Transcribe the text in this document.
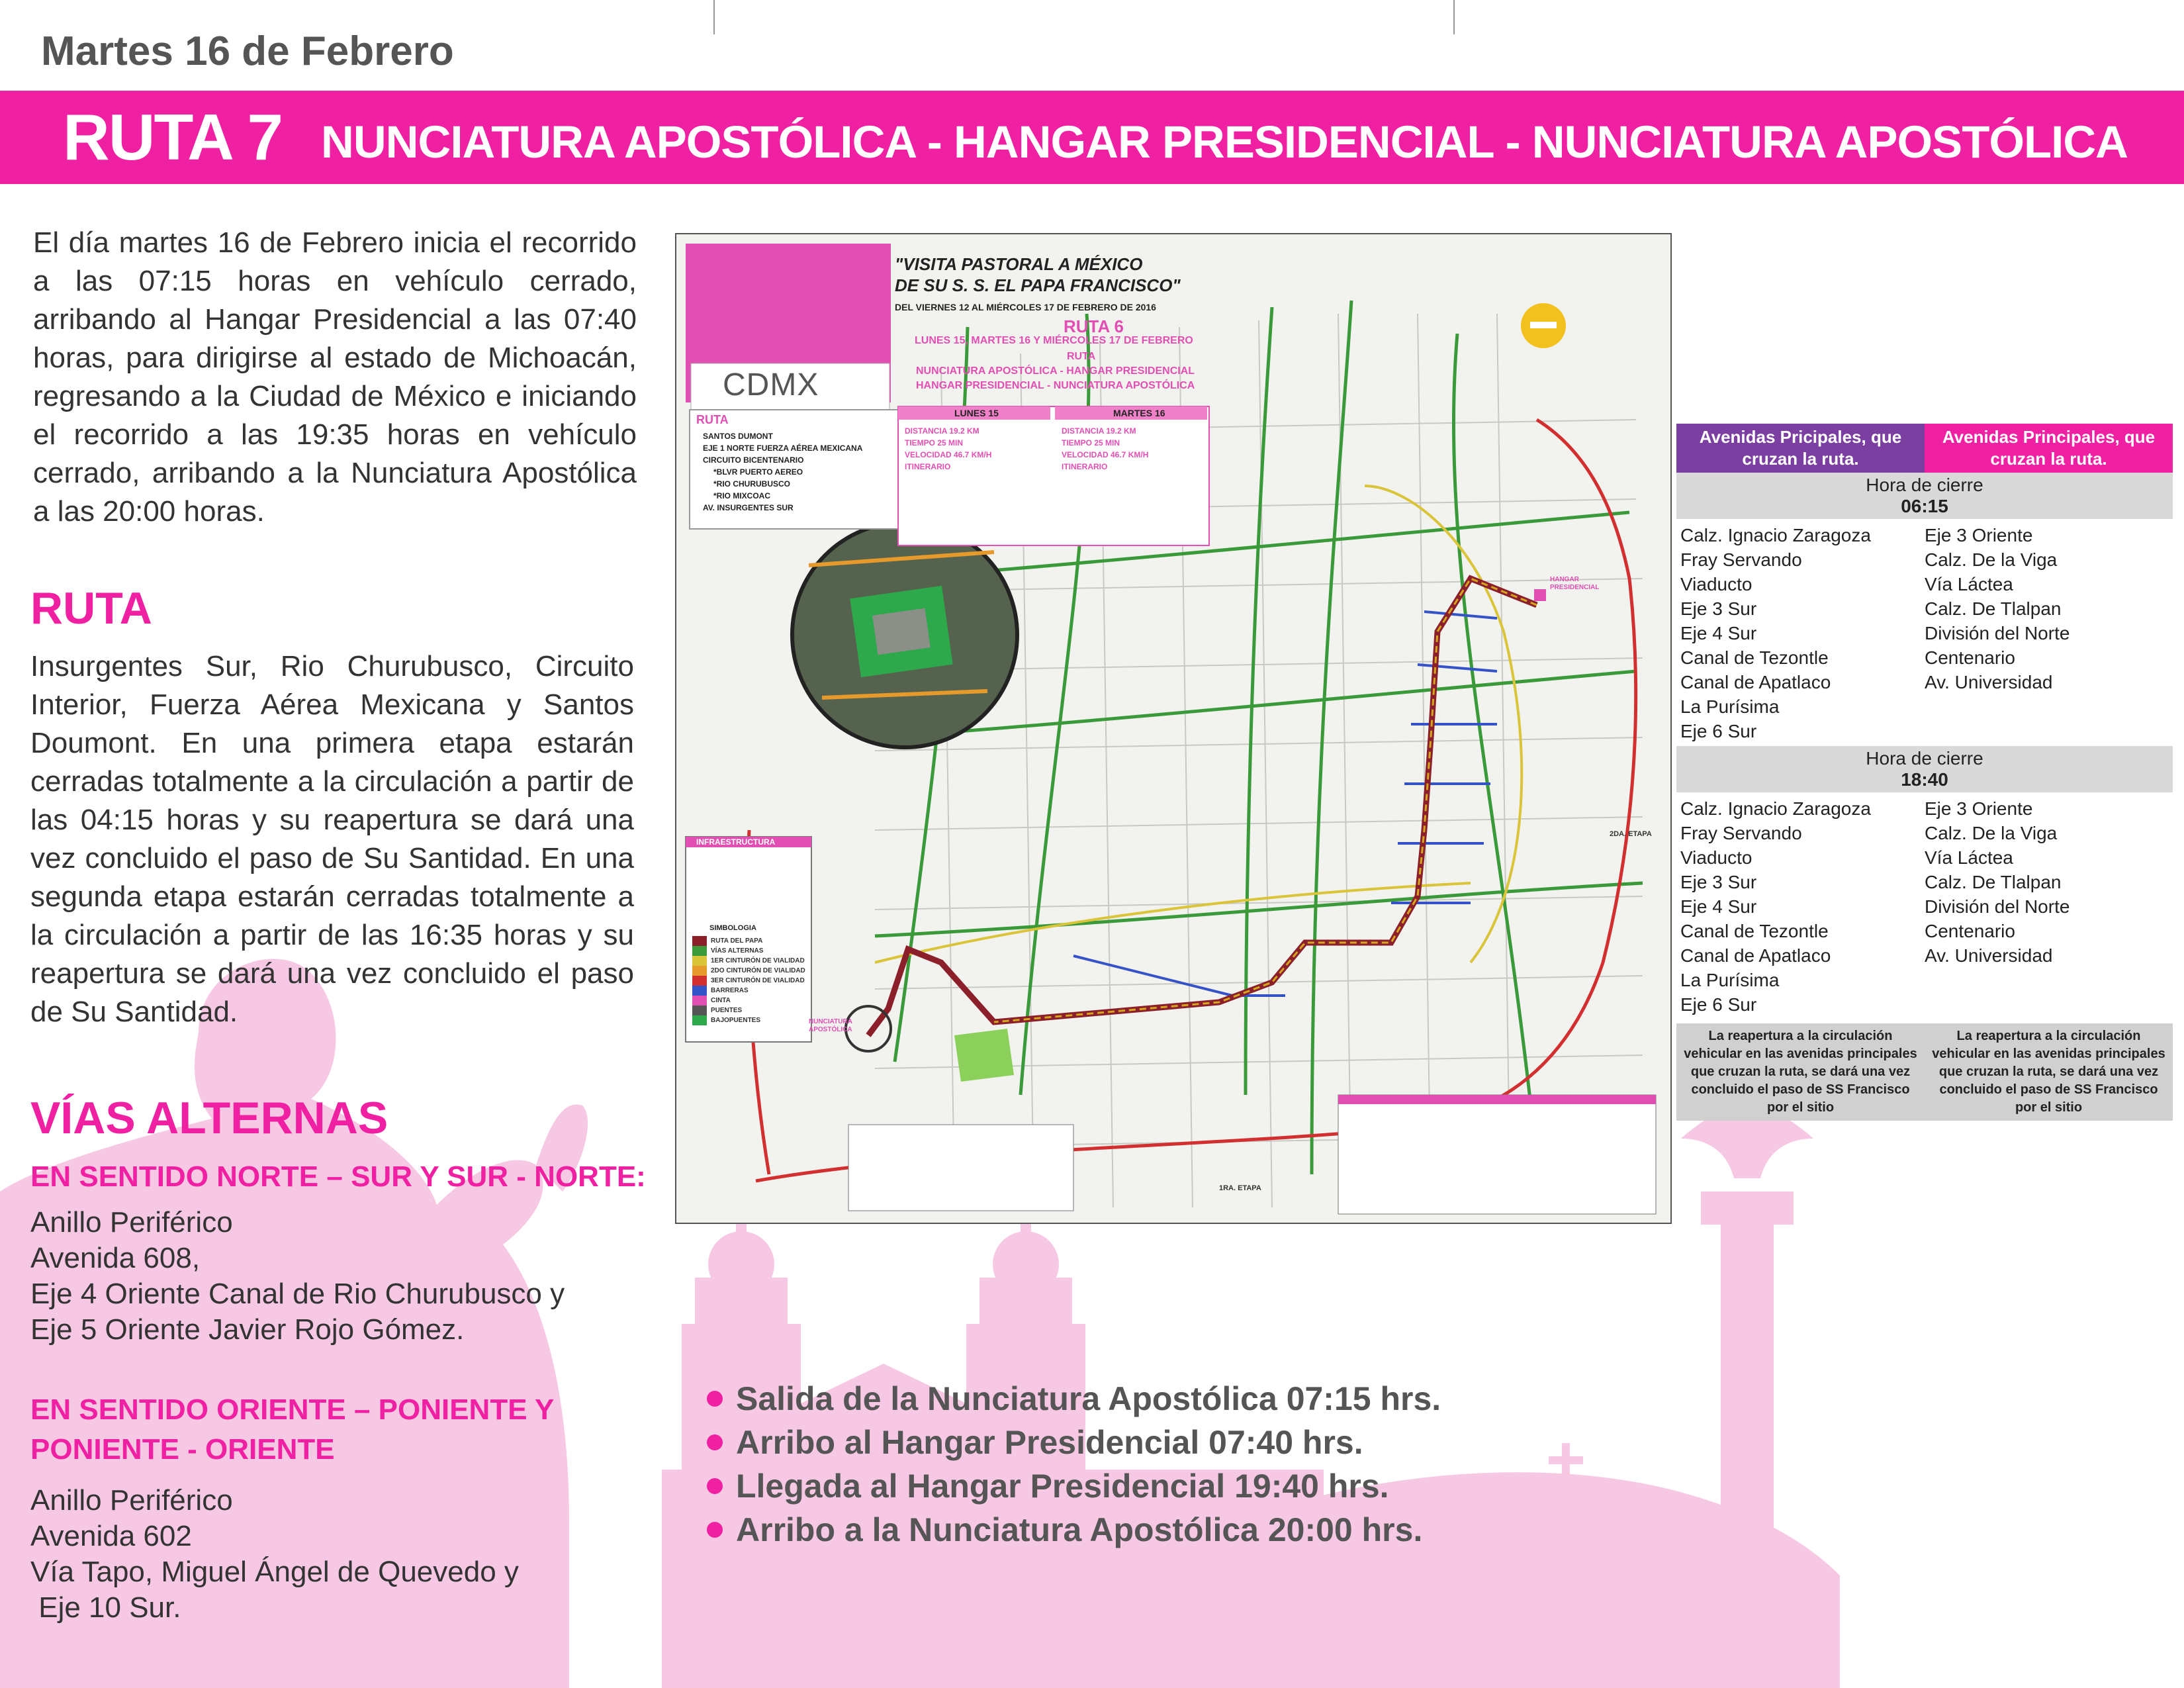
Martes 16 de Febrero
RUTA 7 NUNCIATURA APOSTÓLICA - HANGAR PRESIDENCIAL - NUNCIATURA APOSTÓLICA
El día martes 16 de Febrero inicia el recorrido a las 07:15 horas en vehículo cerrado, arribando al Hangar Presidencial a las 07:40 horas, para dirigirse al estado de Michoacán, regresando a la Ciudad de México e iniciando el recorrido a las 19:35 horas en vehículo cerrado, arribando a la Nunciatura Apostólica a las 20:00 horas.
RUTA
Insurgentes Sur, Rio Churubusco, Circuito Interior, Fuerza Aérea Mexicana y Santos Doumont. En una primera etapa estarán cerradas totalmente a la circulación a partir de las 04:15 horas y su reapertura se dará una vez concluido el paso de Su Santidad. En una segunda etapa estarán cerradas totalmente a la circulación a partir de las 16:35 horas y su reapertura se dará una vez concluido el paso de Su Santidad.
VÍAS ALTERNAS
EN SENTIDO NORTE – SUR Y SUR - NORTE:
Anillo Periférico
Avenida 608,
Eje 4 Oriente Canal de Rio Churubusco y
Eje 5 Oriente Javier Rojo Gómez.
EN SENTIDO ORIENTE – PONIENTE Y PONIENTE - ORIENTE
Anillo Periférico
Avenida 602
Vía Tapo, Miguel Ángel de Quevedo y
Eje 10 Sur.
"VISITA PASTORAL A MÉXICO
DE SU S. S. EL PAPA FRANCISCO"
DEL VIERNES 12 AL MIÉRCOLES 17 DE FEBRERO DE 2016
RUTA 6
LUNES 15, MARTES 16 Y MIÉRCOLES 17 DE FEBRERO
RUTA
NUNCIATURA APOSTÓLICA - HANGAR PRESIDENCIAL
HANGAR PRESIDENCIAL - NUNCIATURA APOSTÓLICA
CDMX
RUTA
SANTOS DUMONT
EJE 1 NORTE FUERZA AÉREA MEXICANA
CIRCUITO BICENTENARIO
*BLVR PUERTO AEREO
*RIO CHURUBUSCO
*RIO MIXCOAC
AV. INSURGENTES SUR
LUNES 15	MARTES 16
DISTANCIA 19.2 KM
TIEMPO 25 MIN
VELOCIDAD 46.7 KM/H
ITINERARIO
DISTANCIA 19.2 KM
TIEMPO 25 MIN
VELOCIDAD 46.7 KM/H
ITINERARIO
INFRAESTRUCTURA
SIMBOLOGIA
RUTA DEL PAPA
VÍAS ALTERNAS
1ER CINTURÓN DE VIALIDAD
2DO CINTURÓN DE VIALIDAD
3ER CINTURÓN DE VIALIDAD
BARRERAS
CINTA
PUENTES
BAJOPUENTES
HANGAR PRESIDENCIAL
NUNCIATURA APOSTÓLICA
2DA. ETAPA
1RA. ETAPA
Avenidas Pricipales, que cruzan la ruta.
Avenidas Principales, que cruzan la ruta.
Hora de cierre
06:15
Calz. Ignacio Zaragoza
Fray Servando
Viaducto
Eje 3 Sur
Eje 4 Sur
Canal de Tezontle
Canal de Apatlaco
La Purísima
Eje 6 Sur
Eje 3 Oriente
Calz. De la Viga
Vía Láctea
Calz. De Tlalpan
División del Norte
Centenario
Av. Universidad
Hora de cierre
18:40
Calz. Ignacio Zaragoza
Fray Servando
Viaducto
Eje 3 Sur
Eje 4 Sur
Canal de Tezontle
Canal de Apatlaco
La Purísima
Eje 6 Sur
Eje 3 Oriente
Calz. De la Viga
Vía Láctea
Calz. De Tlalpan
División del Norte
Centenario
Av. Universidad
La reapertura a la circulación vehicular en las avenidas principales que cruzan la ruta, se dará una vez concluido el paso de SS Francisco por el sitio
La reapertura a la circulación vehicular en las avenidas principales que cruzan la ruta, se dará una vez concluido el paso de SS Francisco por el sitio
Salida de la Nunciatura Apostólica 07:15 hrs.
Arribo al Hangar Presidencial 07:40 hrs.
Llegada al Hangar Presidencial 19:40 hrs.
Arribo a la Nunciatura Apostólica 20:00 hrs.
